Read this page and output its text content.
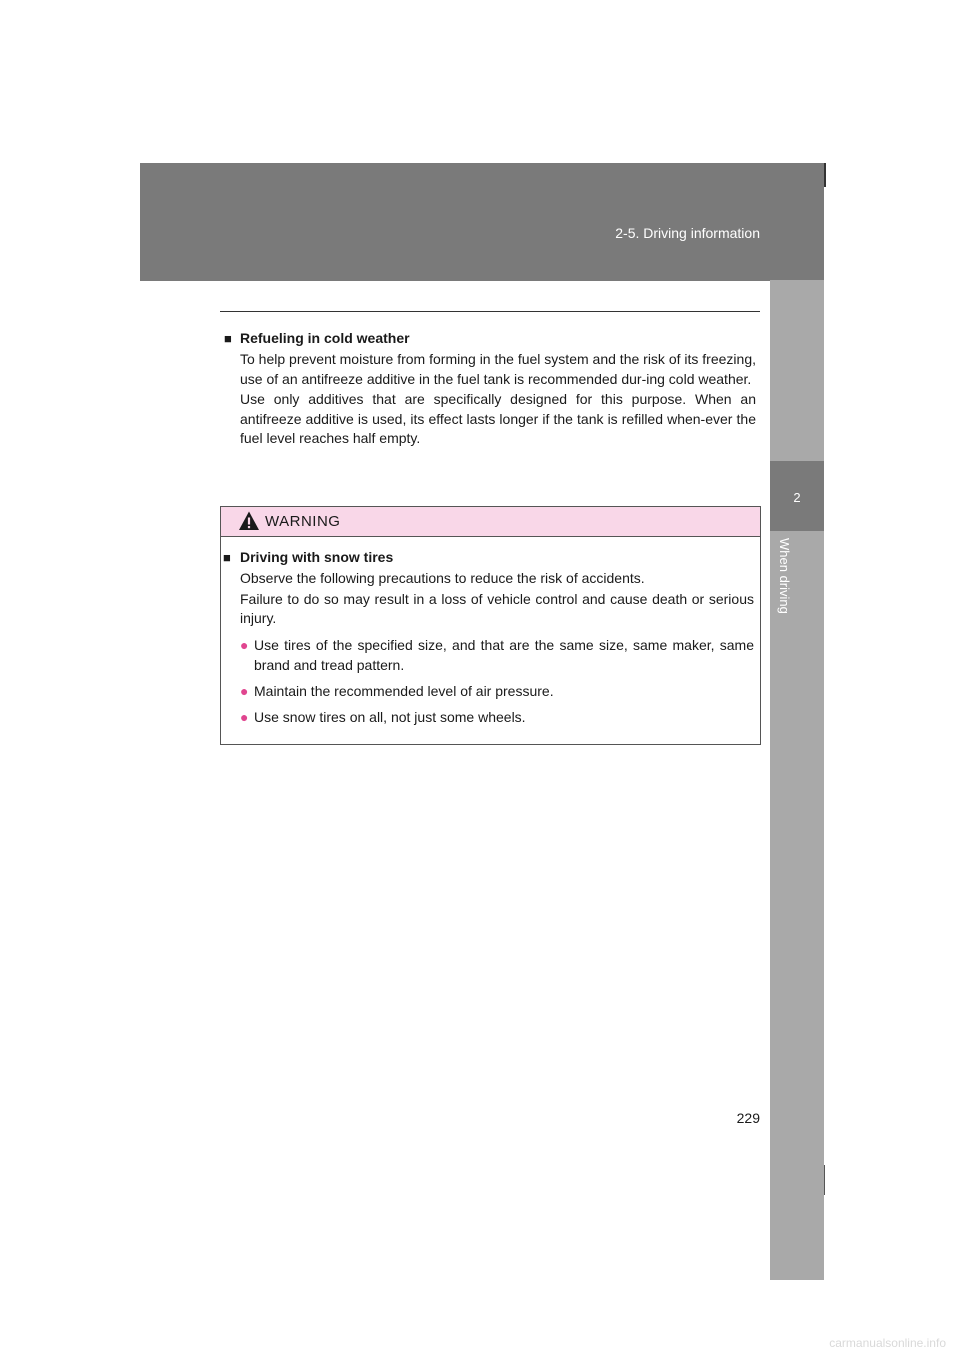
2-5. Driving information
2
When driving
■ Refueling in cold weather
To help prevent moisture from forming in the fuel system and the risk of its freezing, use of an antifreeze additive in the fuel tank is recommended dur-ing cold weather.
Use only additives that are specifically designed for this purpose. When an antifreeze additive is used, its effect lasts longer if the tank is refilled when-ever the fuel level reaches half empty.
WARNING
■ Driving with snow tires
Observe the following precautions to reduce the risk of accidents.
Failure to do so may result in a loss of vehicle control and cause death or serious injury.
● Use tires of the specified size, and that are the same size, same maker, same brand and tread pattern.
● Maintain the recommended level of air pressure.
● Use snow tires on all, not just some wheels.
229
carmanualsonline.info
